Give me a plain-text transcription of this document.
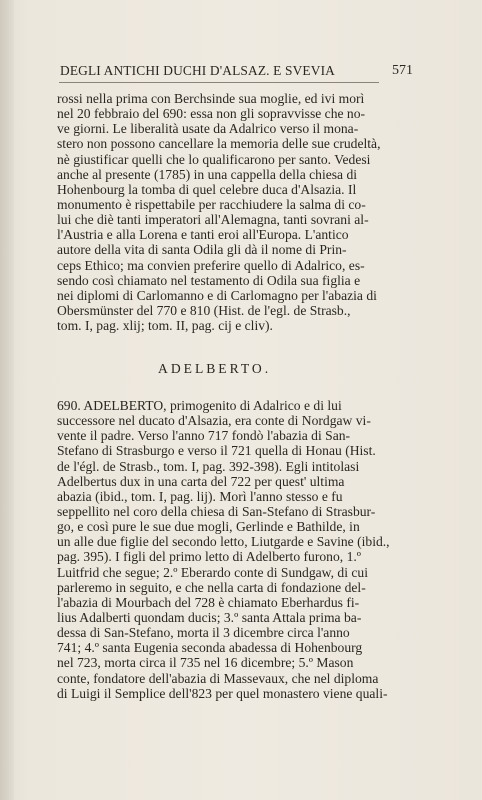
DEGLI ANTICHI DUCHI D'ALSAZ. E SVEVIA	571
rossi nella prima con Berchsinde sua moglie, ed ivi morì
nel 20 febbraio del 690: essa non gli sopravvisse che no-
ve giorni. Le liberalità usate da Adalrico verso il mona-
stero non possono cancellare la memoria delle sue crudeltà,
nè giustificar quelli che lo qualificarono per santo. Vedesi
anche al presente (1785) in una cappella della chiesa di
Hohenbourg la tomba di quel celebre duca d'Alsazia. Il
monumento è rispettabile per racchiudere la salma di co-
lui che diè tanti imperatori all'Alemagna, tanti sovrani al-
l'Austria e alla Lorena e tanti eroi all'Europa. L'antico
autore della vita di santa Odila gli dà il nome di Prin-
ceps Ethico; ma convien preferire quello di Adalrico, es-
sendo così chiamato nel testamento di Odila sua figlia e
nei diplomi di Carlomanno e di Carlomagno per l'abazia di
Obersmünster del 770 e 810 (Hist. de l'egl. de Strasb.,
tom. I, pag. xlij; tom. II, pag. cij e cliv).
ADELBERTO.
690. ADELBERTO, primogenito di Adalrico e di lui
successore nel ducato d'Alsazia, era conte di Nordgaw vi-
vente il padre. Verso l'anno 717 fondò l'abazia di San-
Stefano di Strasburgo e verso il 721 quella di Honau (Hist.
de l'égl. de Strasb., tom. I, pag. 392-398). Egli intitolasi
Adelbertus dux in una carta del 722 per quest' ultima
abazia (ibid., tom. I, pag. lij). Morì l'anno stesso e fu
seppellito nel coro della chiesa di San-Stefano di Strasbur-
go, e così pure le sue due mogli, Gerlinde e Bathilde, in
un alle due figlie del secondo letto, Liutgarde e Savine (ibid.,
pag. 395). I figli del primo letto di Adelberto furono, 1.º
Luitfrid che segue; 2.º Eberardo conte di Sundgaw, di cui
parleremo in seguito, e che nella carta di fondazione del-
l'abazia di Mourbach del 728 è chiamato Eberhardus fi-
lius Adalberti quondam ducis; 3.º santa Attala prima ba-
dessa di San-Stefano, morta il 3 dicembre circa l'anno
741; 4.º santa Eugenia seconda abadessa di Hohenbourg
nel 723, morta circa il 735 nel 16 dicembre; 5.º Mason
conte, fondatore dell'abazia di Massevaux, che nel diploma
di Luigi il Semplice dell'823 per quel monastero viene quali-
